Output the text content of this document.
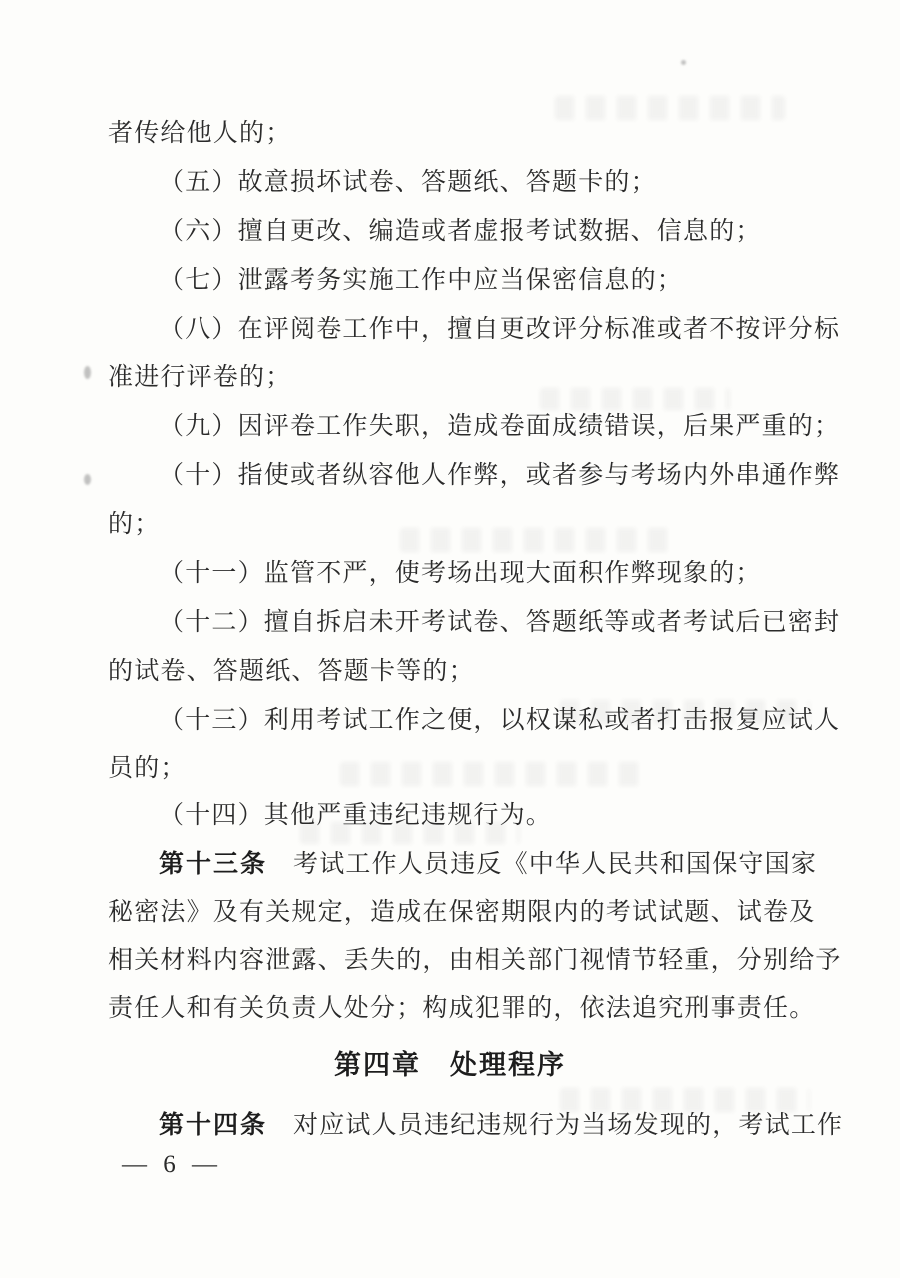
者传给他人的；
（五）故意损坏试卷、答题纸、答题卡的；
（六）擅自更改、编造或者虚报考试数据、信息的；
（七）泄露考务实施工作中应当保密信息的；
（八）在评阅卷工作中，擅自更改评分标准或者不按评分标
准进行评卷的；
（九）因评卷工作失职，造成卷面成绩错误，后果严重的；
（十）指使或者纵容他人作弊，或者参与考场内外串通作弊
的；
（十一）监管不严，使考场出现大面积作弊现象的；
（十二）擅自拆启未开考试卷、答题纸等或者考试后已密封
的试卷、答题纸、答题卡等的；
（十三）利用考试工作之便，以权谋私或者打击报复应试人
员的；
（十四）其他严重违纪违规行为。
第十三条 考试工作人员违反《中华人民共和国保守国家
秘密法》及有关规定，造成在保密期限内的考试试题、试卷及
相关材料内容泄露、丢失的，由相关部门视情节轻重，分别给予
责任人和有关负责人处分；构成犯罪的，依法追究刑事责任。
第四章　处理程序
第十四条 对应试人员违纪违规行为当场发现的，考试工作
— 6 —
